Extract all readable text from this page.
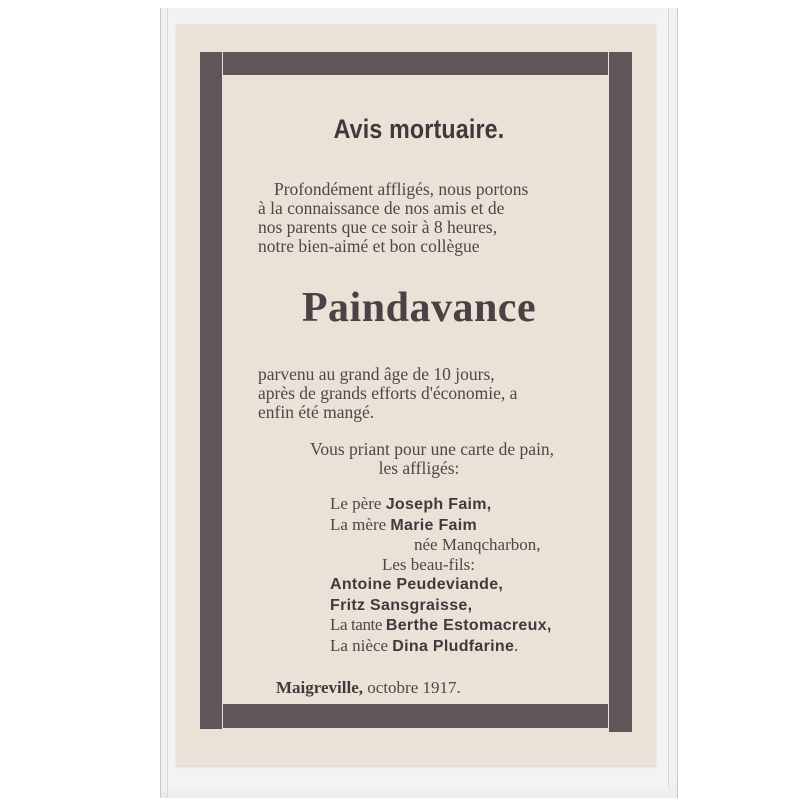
Avis mortuaire.
Profondément affligés, nous portons
à la connaissance de nos amis et de
nos parents que ce soir à 8 heures,
notre bien-aimé et bon collègue
Paindavance
parvenu au grand âge de 10 jours,
après de grands efforts d'économie, a
enfin été mangé.
Vous priant pour une carte de pain,
les affligés:
Le père Joseph Faim,
La mère Marie Faim
née Manqcharbon,
Les beau-fils:
Antoine Peudeviande,
Fritz Sansgraisse,
La tante Berthe Estomacreux,
La nièce Dina Pludfarine.
Maigreville, octobre 1917.
